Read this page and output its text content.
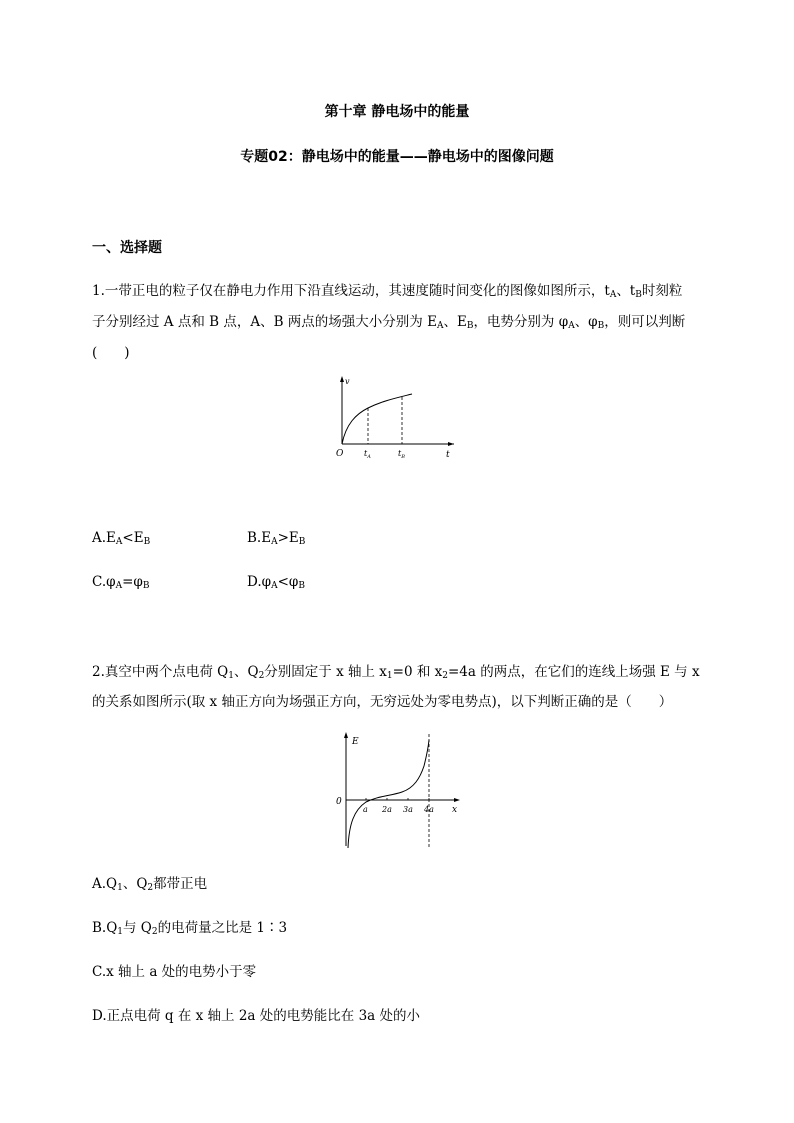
第十章 静电场中的能量

专题02：静电场中的能量——静电场中的图像问题

一、选择题

1.一带正电的粒子仅在静电力作用下沿直线运动，其速度随时间变化的图像如图所示，$t_A$、$t_B$时刻粒

子分别经过 A 点和 B 点，A、B 两点的场强大小分别为 $E_A$、$E_B$，电势分别为 $\varphi_A$、$\varphi_B$，则可以判断

(　　)

v
O	t
$t_A$	$t_B$

$A.E_A<E_B$	$B.E_A>E_B$

$C.\varphi_A=\varphi_B$	$D.\varphi_A<\varphi_B$

2.真空中两个点电荷 $Q_1$、$Q_2$分别固定于 x 轴上 $x_1=0$ 和 $x_2=4a$ 的两点，在它们的连线上场强 E 与 x

的关系如图所示(取 x 轴正方向为场强正方向，无穷远处为零电势点)，以下判断正确的是（　　）

E
0
a 2a 3a 4a x

$A.Q_1$、$Q_2$都带正电

$B.Q_1$与 $Q_2$的电荷量之比是 1∶3

C.x 轴上 a 处的电势小于零

D.正点电荷 q 在 x 轴上 2a 处的电势能比在 3a 处的小
